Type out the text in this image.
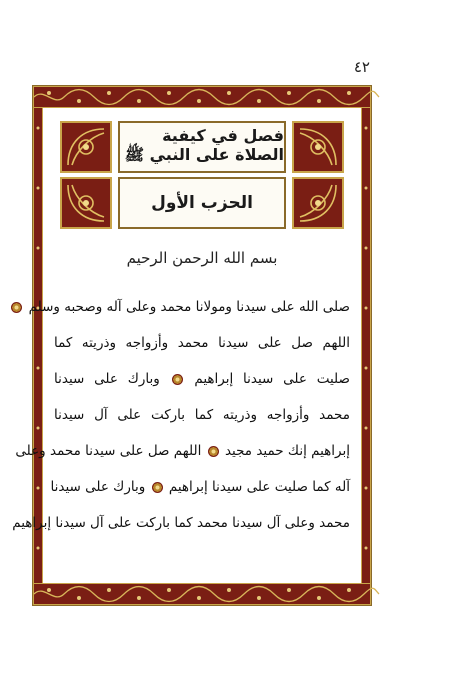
٤٢
فصل في كيفية الصلاة على النبي ﷺ
الحزب الأول
بسم الله الرحمن الرحيم
صلى الله على سيدنا ومولانا محمد وعلى آله وصحبه وسلم
اللهم صل على سيدنا محمد وأزواجه وذريته كما
صليت على سيدنا إبراهيم  وبارك على سيدنا
محمد وأزواجه وذريته كما باركت على آل سيدنا
إبراهيم إنك حميد مجيد  اللهم صل على سيدنا محمد وعلى
آله كما صليت على سيدنا إبراهيم  وبارك على سيدنا
محمد وعلى آل سيدنا محمد كما باركت على آل سيدنا إبراهيم
